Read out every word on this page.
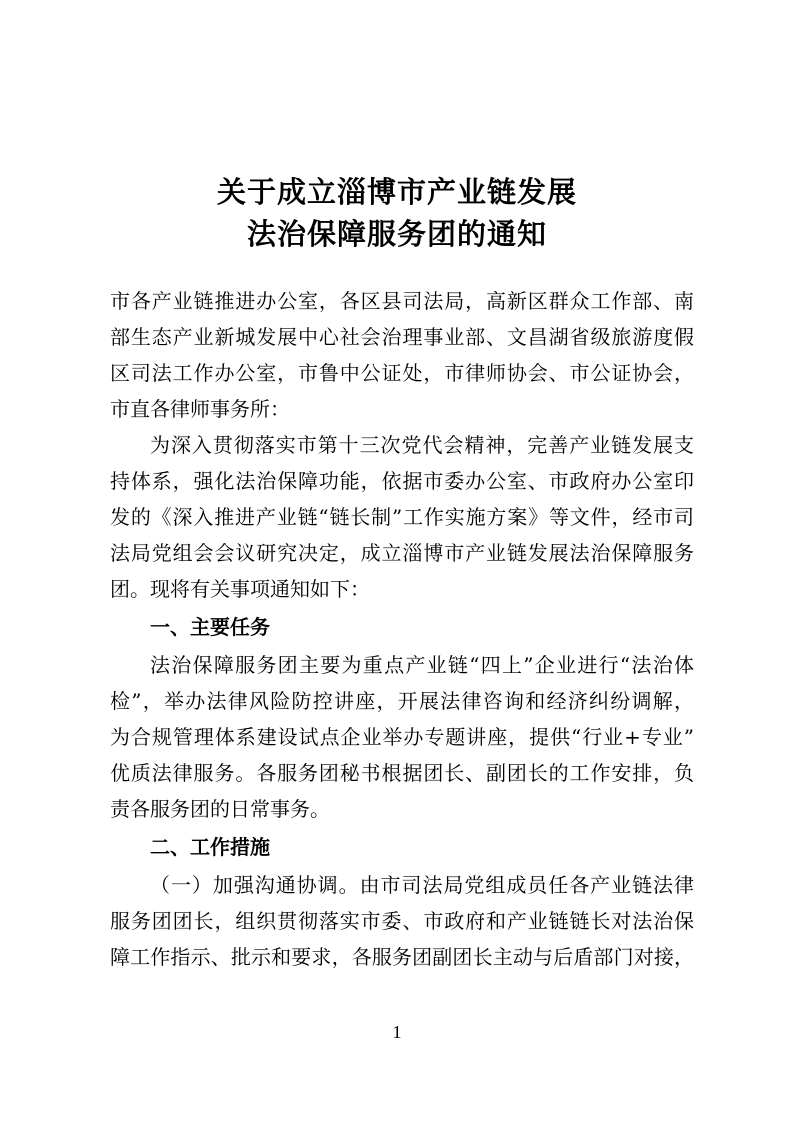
关于成立淄博市产业链发展
法治保障服务团的通知
市各产业链推进办公室，各区县司法局，高新区群众工作部、南
部生态产业新城发展中心社会治理事业部、文昌湖省级旅游度假
区司法工作办公室，市鲁中公证处，市律师协会、市公证协会，
市直各律师事务所：
为深入贯彻落实市第十三次党代会精神，完善产业链发展支
持体系，强化法治保障功能，依据市委办公室、市政府办公室印
发的《深入推进产业链“链长制”工作实施方案》等文件，经市司
法局党组会会议研究决定，成立淄博市产业链发展法治保障服务
团。现将有关事项通知如下：
一、主要任务
法治保障服务团主要为重点产业链“四上”企业进行“法治体
检”，举办法律风险防控讲座，开展法律咨询和经济纠纷调解，
为合规管理体系建设试点企业举办专题讲座，提供“行业+专业”
优质法律服务。各服务团秘书根据团长、副团长的工作安排，负
责各服务团的日常事务。
二、工作措施
（一）加强沟通协调。由市司法局党组成员任各产业链法律
服务团团长，组织贯彻落实市委、市政府和产业链链长对法治保
障工作指示、批示和要求，各服务团副团长主动与后盾部门对接，
1
